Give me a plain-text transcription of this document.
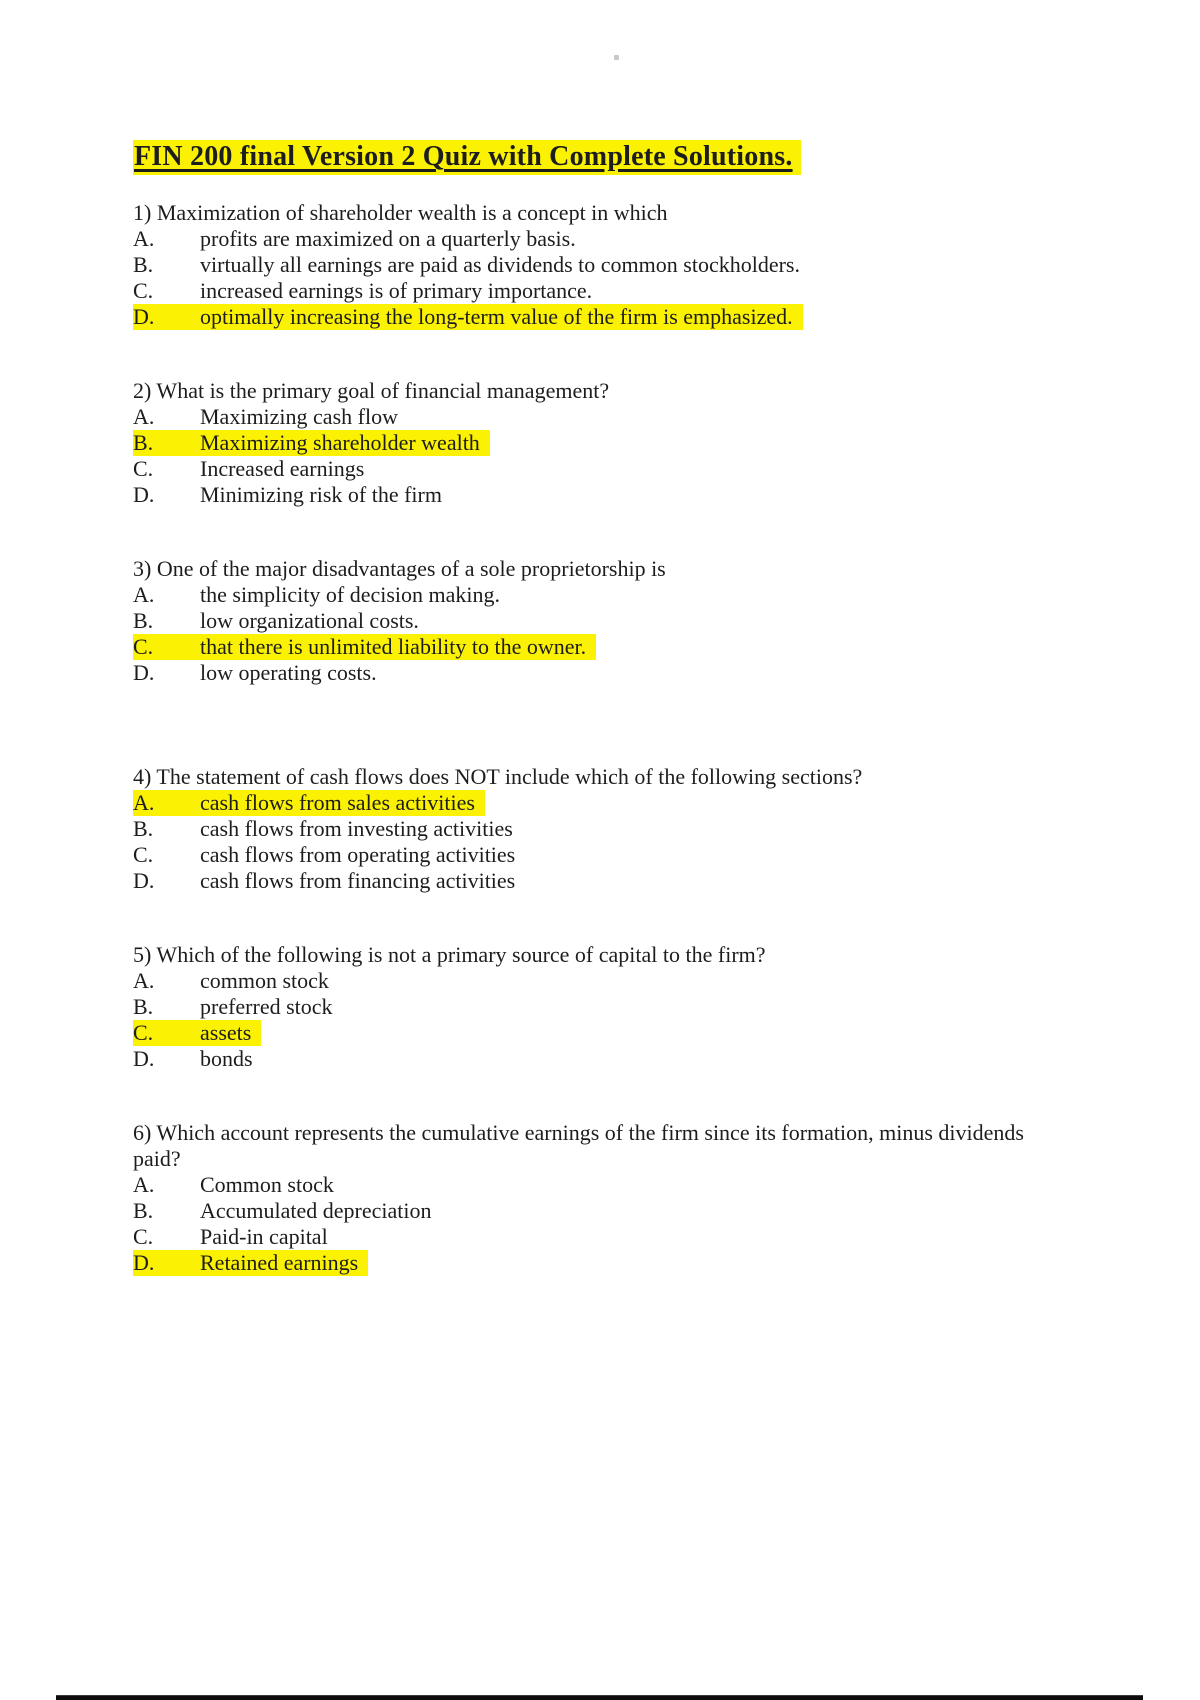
FIN 200 final Version 2 Quiz with Complete Solutions.
1) Maximization of shareholder wealth is a concept in which
A. profits are maximized on a quarterly basis.
B. virtually all earnings are paid as dividends to common stockholders.
C. increased earnings is of primary importance.
D. optimally increasing the long-term value of the firm is emphasized.
2) What is the primary goal of financial management?
A. Maximizing cash flow
B. Maximizing shareholder wealth
C. Increased earnings
D. Minimizing risk of the firm
3) One of the major disadvantages of a sole proprietorship is
A. the simplicity of decision making.
B. low organizational costs.
C. that there is unlimited liability to the owner.
D. low operating costs.
4) The statement of cash flows does NOT include which of the following sections?
A. cash flows from sales activities
B. cash flows from investing activities
C. cash flows from operating activities
D. cash flows from financing activities
5) Which of the following is not a primary source of capital to the firm?
A. common stock
B. preferred stock
C. assets
D. bonds
6) Which account represents the cumulative earnings of the firm since its formation, minus dividends paid?
A. Common stock
B. Accumulated depreciation
C. Paid-in capital
D. Retained earnings
